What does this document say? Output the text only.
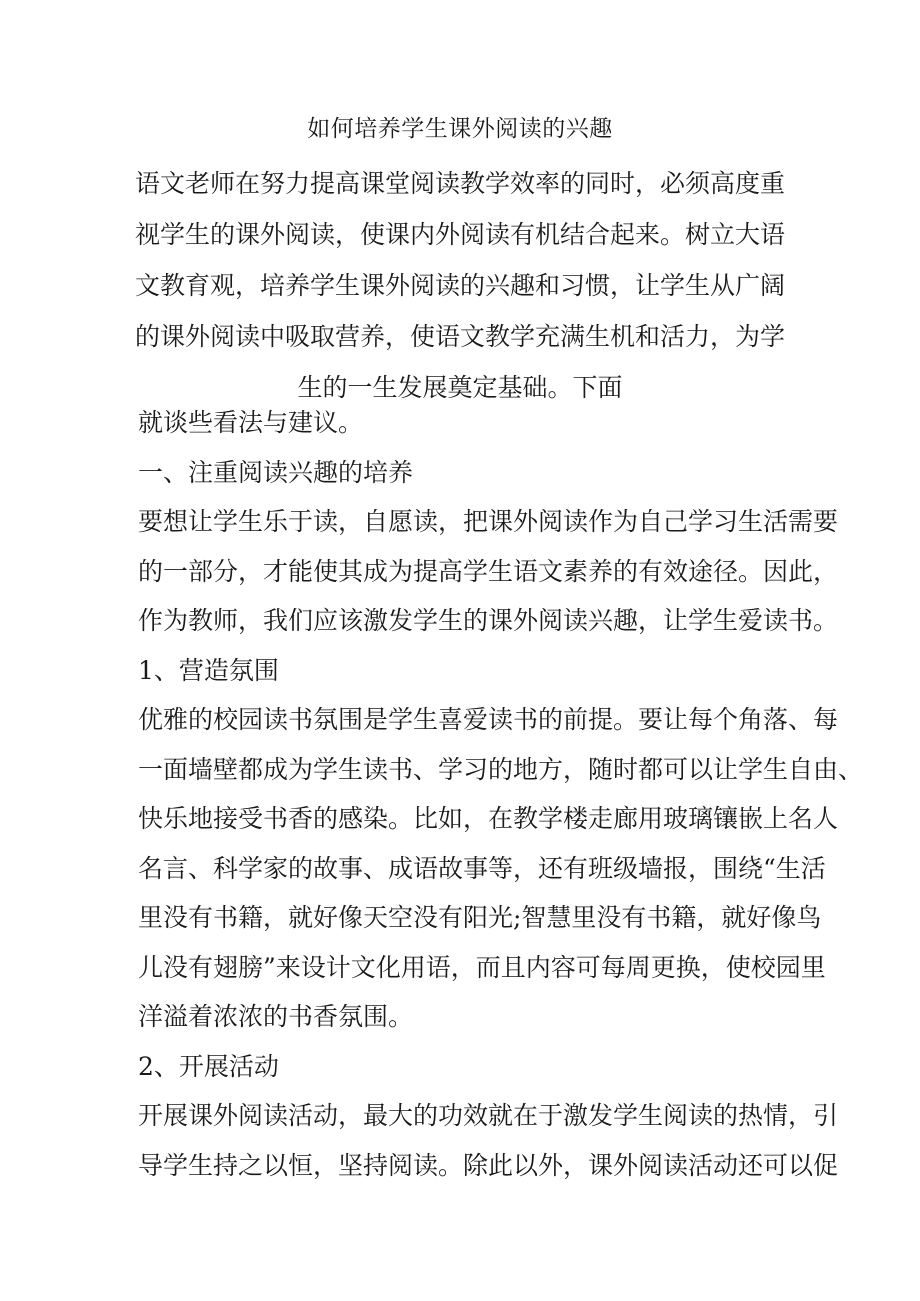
如何培养学生课外阅读的兴趣
语文老师在努力提高课堂阅读教学效率的同时，必须高度重
视学生的课外阅读，使课内外阅读有机结合起来。树立大语
文教育观，培养学生课外阅读的兴趣和习惯，让学生从广阔
的课外阅读中吸取营养，使语文教学充满生机和活力，为学
生的一生发展奠定基础。下面
就谈些看法与建议。
一、注重阅读兴趣的培养
要想让学生乐于读，自愿读，把课外阅读作为自己学习生活需要
的一部分，才能使其成为提高学生语文素养的有效途径。因此，
作为教师，我们应该激发学生的课外阅读兴趣，让学生爱读书。
1、营造氛围
优雅的校园读书氛围是学生喜爱读书的前提。要让每个角落、每
一面墙壁都成为学生读书、学习的地方，随时都可以让学生自由、
快乐地接受书香的感染。比如，在教学楼走廊用玻璃镶嵌上名人
名言、科学家的故事、成语故事等，还有班级墙报，围绕“生活
里没有书籍，就好像天空没有阳光;智慧里没有书籍，就好像鸟
儿没有翅膀”来设计文化用语，而且内容可每周更换，使校园里
洋溢着浓浓的书香氛围。
2、开展活动
开展课外阅读活动，最大的功效就在于激发学生阅读的热情，引
导学生持之以恒，坚持阅读。除此以外，课外阅读活动还可以促
